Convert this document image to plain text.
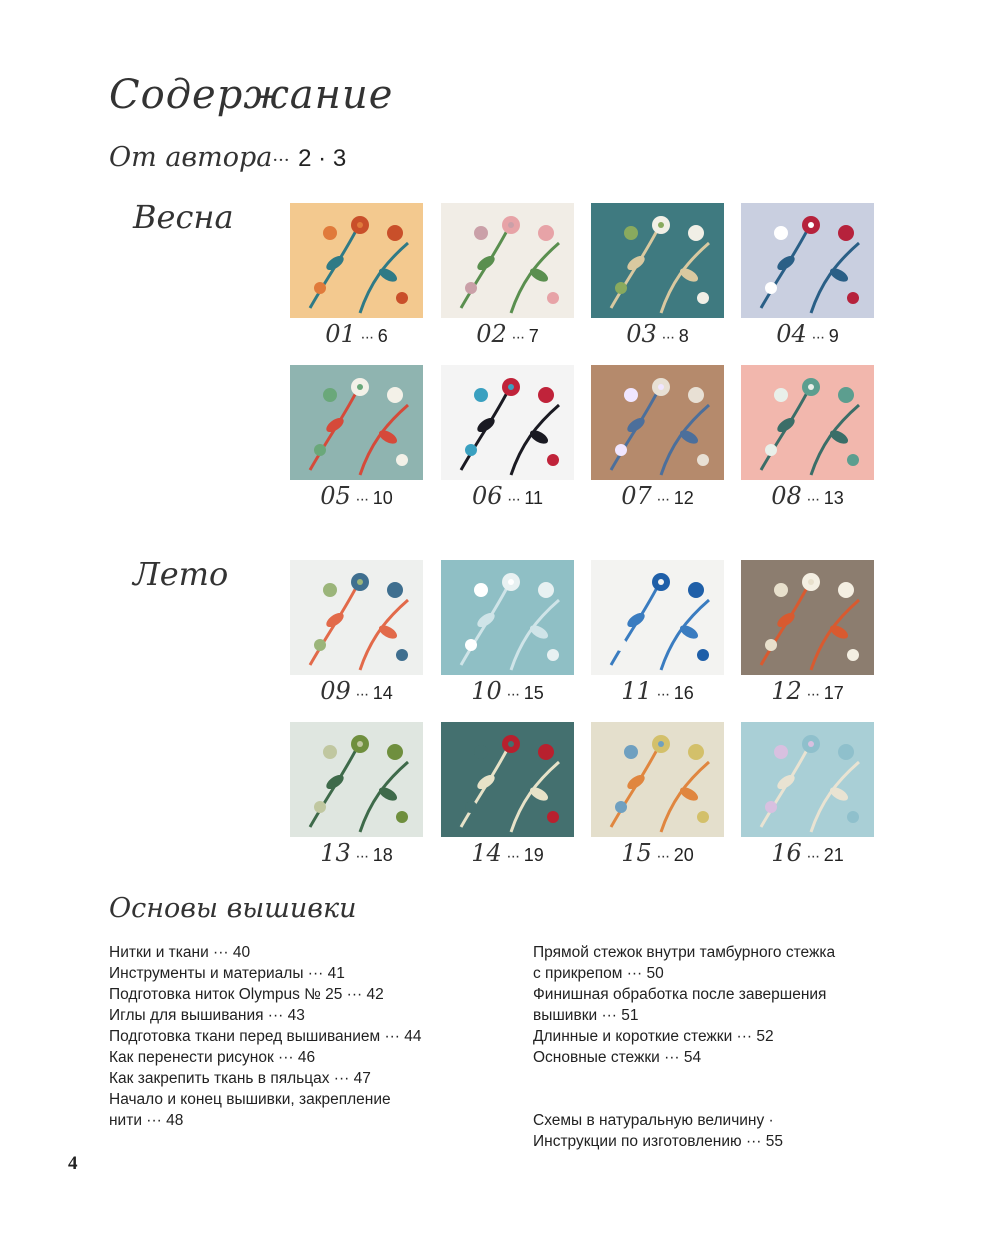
Содержание
От автора··· 2 · 3
Весна
Лето
01 ··· 6	02 ··· 7	03 ··· 8	04 ··· 9
05 ··· 10	06 ··· 11	07 ··· 12	08 ··· 13
09 ··· 14	10 ··· 15	11 ··· 16	12 ··· 17
13 ··· 18	14 ··· 19	15 ··· 20	16 ··· 21
Основы вышивки
Нитки и ткани ··· 40
Инструменты и материалы ··· 41
Подготовка ниток Olympus № 25 ··· 42
Иглы для вышивания ··· 43
Подготовка ткани перед вышиванием ··· 44
Как перенести рисунок ··· 46
Как закрепить ткань в пяльцах ··· 47
Начало и конец вышивки, закрепление
нити ··· 48
Прямой стежок внутри тамбурного стежка
с прикрепом ··· 50
Финишная обработка после завершения
вышивки ··· 51
Длинные и короткие стежки ··· 52
Основные стежки ··· 54
Схемы в натуральную величину ·
Инструкции по изготовлению ··· 55
4
